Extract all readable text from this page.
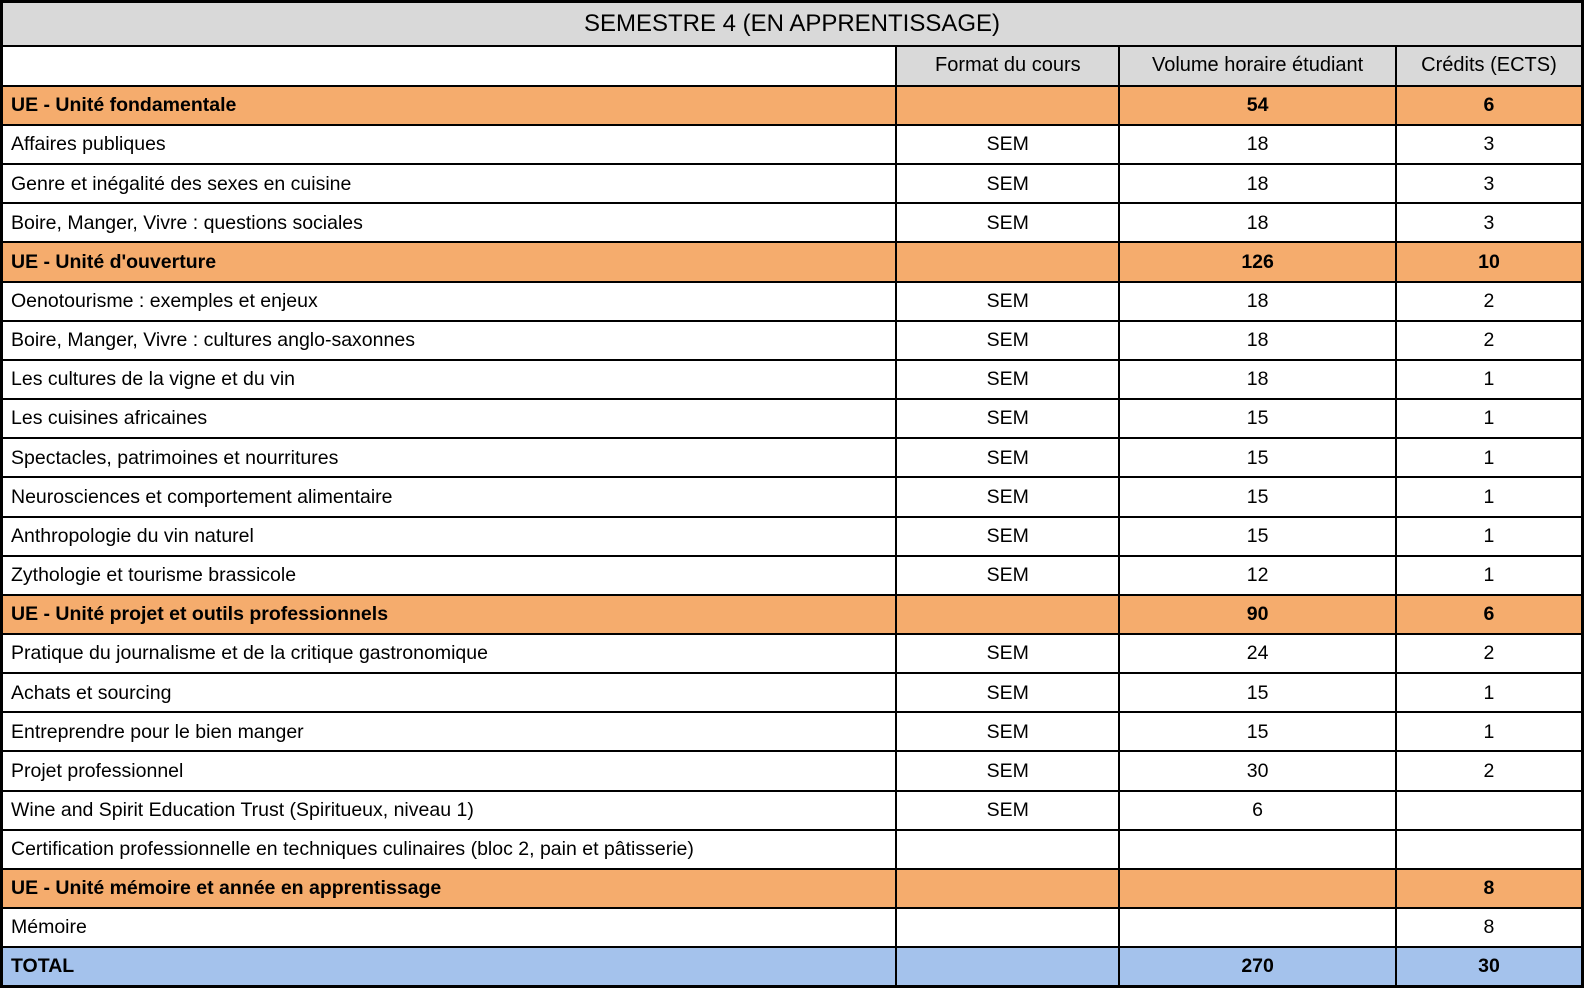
SEMESTRE 4 (EN APPRENTISSAGE)			
	Format du cours	Volume horaire étudiant	Crédits (ECTS)
UE - Unité fondamentale		54	6
Affaires publiques	SEM	18	3
Genre et inégalité des sexes en cuisine	SEM	18	3
Boire, Manger, Vivre : questions sociales	SEM	18	3
UE - Unité d'ouverture		126	10
Oenotourisme : exemples et enjeux	SEM	18	2
Boire, Manger, Vivre : cultures anglo-saxonnes	SEM	18	2
Les cultures de la vigne et du vin	SEM	18	1
Les cuisines africaines	SEM	15	1
Spectacles, patrimoines et nourritures	SEM	15	1
Neurosciences et comportement alimentaire	SEM	15	1
Anthropologie du vin naturel	SEM	15	1
Zythologie et tourisme brassicole	SEM	12	1
UE - Unité projet et outils professionnels		90	6
Pratique du journalisme et de la critique gastronomique	SEM	24	2
Achats et sourcing	SEM	15	1
Entreprendre pour le bien manger	SEM	15	1
Projet professionnel	SEM	30	2
Wine and Spirit Education Trust (Spiritueux, niveau 1)	SEM	6	
Certification professionnelle en techniques culinaires (bloc 2, pain et pâtisserie)			
UE - Unité mémoire et année en apprentissage			8
Mémoire			8
TOTAL		270	30
